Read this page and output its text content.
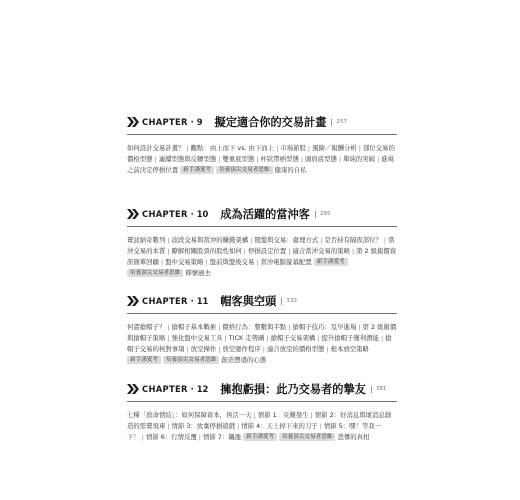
CHAPTER ‧ 9 擬定適合你的交易計畫	257
如何設計交易計畫？ | 觀點：由上而下 vs. 由下而上 | 市場節股 | 風險／報酬分析 | 部位交易的價格型態 | 連續型態與反轉型態 | 雙重底型態 | 杯狀帶柄型態 | 頭肩底型態 | 單純的突破 | 進場之前決定停損位置 新手謹愛考 培養頂尖交易者思維 健康的自私
CHAPTER ‧ 10 成為活躍的當沖客	295
賣波納奇數列 | 波段交易與當沖的賺錢架構 | 閱盤與交易：處理方式 | 是否持有隔夜部位？ | 當沖交易的本質 | 瞭解相關股票的股性如何 | 停損設定位置 | 適合當沖交易的策略 | 第 2 級報價資訊簡單回顧 | 盤中交易策略 | 盤前與盤後交易 | 當沖電腦螢幕配置 新手謹愛考 培養頂尖交易者思維 釋懷過去
CHAPTER ‧ 11 帽客與空頭	333
何謂搶帽子？ | 搶帽子基本戰術 | 價格行為：整數與半點 | 搶帽子技巧：及早進場 | 第 2 級報價與搶帽子策略 | 強化盤中交易工具 | TICK 走勢圖 | 搶帽子交易架構 | 提升搶帽子獲利潛能 | 搶帽子交易的核對事項 | 放空操作 | 放空運作程序 | 適合放空的價格型態 | 根本放空策略 新手謹愛考 培養頂尖交易者思維 創造豐盛的心態
CHAPTER ‧ 12 擁抱虧損：此乃交易者的摯友	381
七種「致命情結」：如何保障資本，再活一天 | 情節 1：災難發生 | 情節 2：好消息與壞消息創造的需賣飛車 | 情節 3：放棄停損遊戲 | 情節 4：天上掉下來的刀子 | 情節 5：嘿！等我一下！ | 情節 6：行情反覆 | 情節 7：飆漲 新手謹愛考 培養頂尖交易者思維 悲慘的真相
